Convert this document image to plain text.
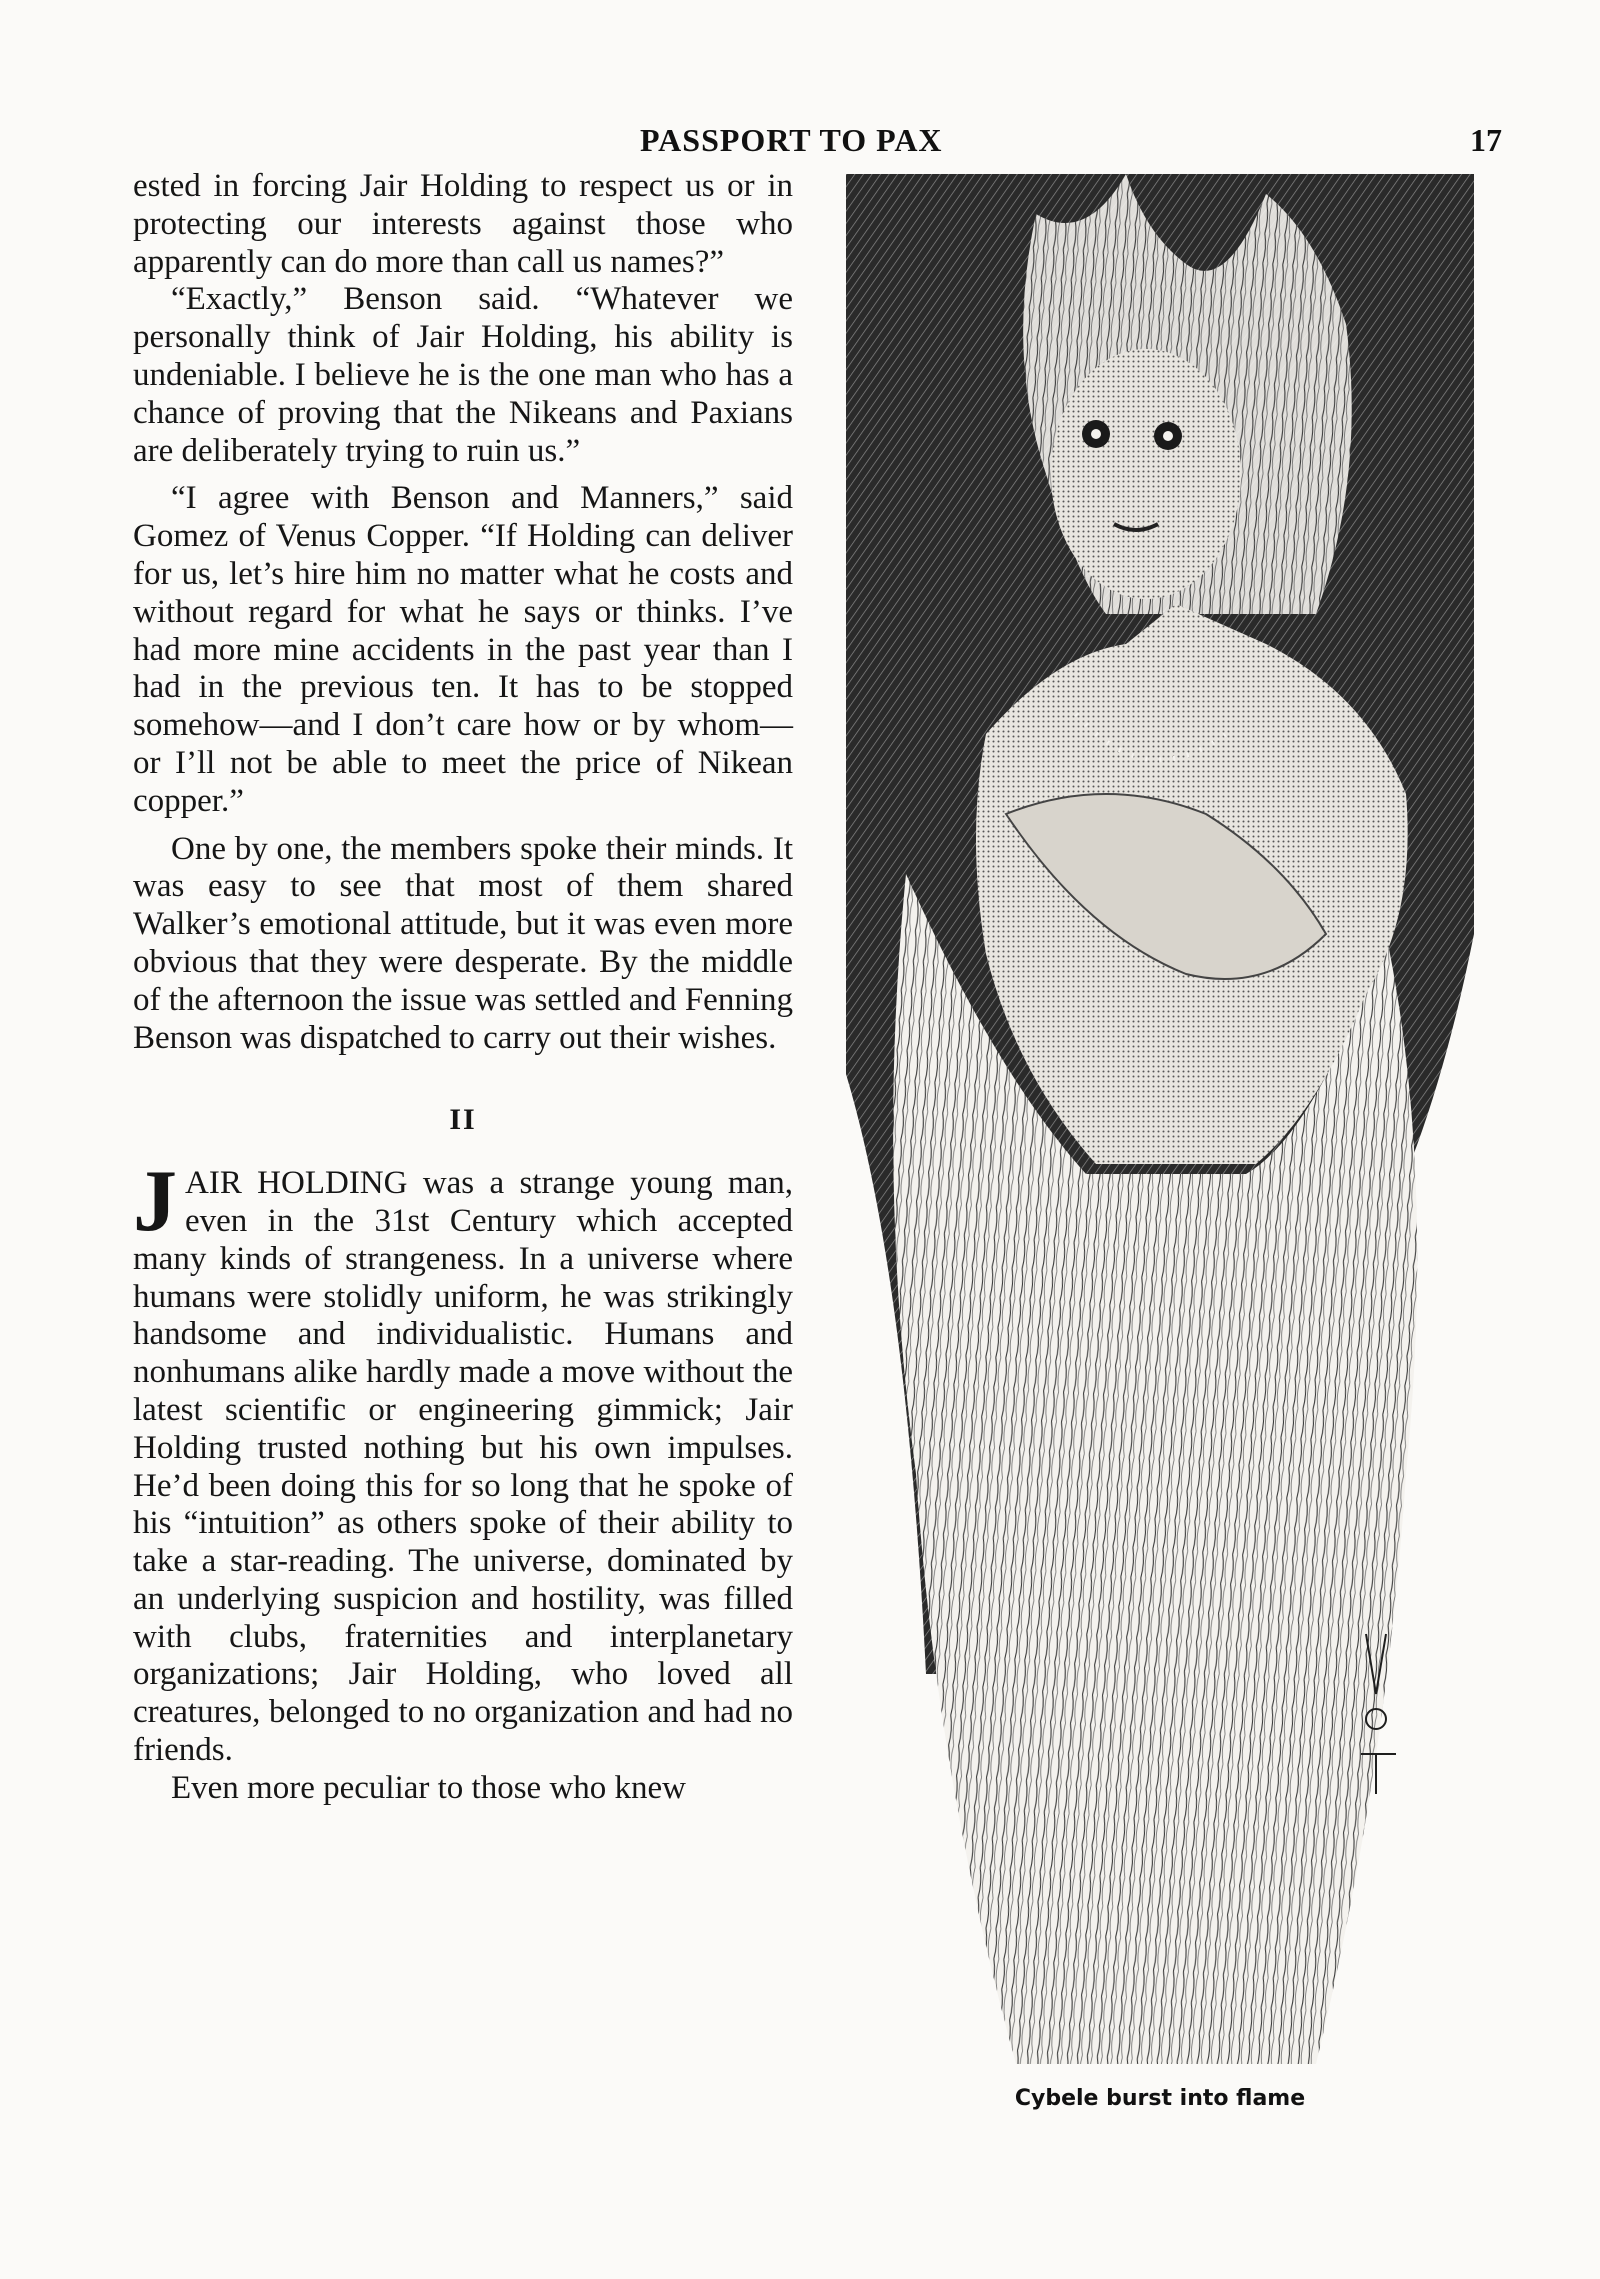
PASSPORT TO PAX	17

ested in forcing Jair Holding to respect us or in protecting our interests against those who apparently can do more than call us names?”

“Exactly,” Benson said. “Whatever we personally think of Jair Holding, his ability is undeniable. I believe he is the one man who has a chance of proving that the Nikeans and Paxians are deliberately trying to ruin us.”

“I agree with Benson and Manners,” said Gomez of Venus Copper. “If Holding can deliver for us, let’s hire him no matter what he costs and without regard for what he says or thinks. I’ve had more mine accidents in the past year than I had in the previous ten. It has to be stopped somehow—and I don’t care how or by whom—or I’ll not be able to meet the price of Nikean copper.”

One by one, the members spoke their minds. It was easy to see that most of them shared Walker’s emotional attitude, but it was even more obvious that they were desperate. By the middle of the afternoon the issue was settled and Fenning Benson was dispatched to carry out their wishes.

II

JAIR HOLDING was a strange young man, even in the 31st Century which accepted many kinds of strangeness. In a universe where humans were stolidly uniform, he was strikingly handsome and individualistic. Humans and nonhumans alike hardly made a move without the latest scientific or engineering gimmick; Jair Holding trusted nothing but his own impulses. He’d been doing this for so long that he spoke of his “intuition” as others spoke of their ability to take a star-reading. The universe, dominated by an underlying suspicion and hostility, was filled with clubs, fraternities and interplanetary organizations; Jair Holding, who loved all creatures, belonged to no organization and had no friends.

Even more peculiar to those who knew

Cybele burst into flame
